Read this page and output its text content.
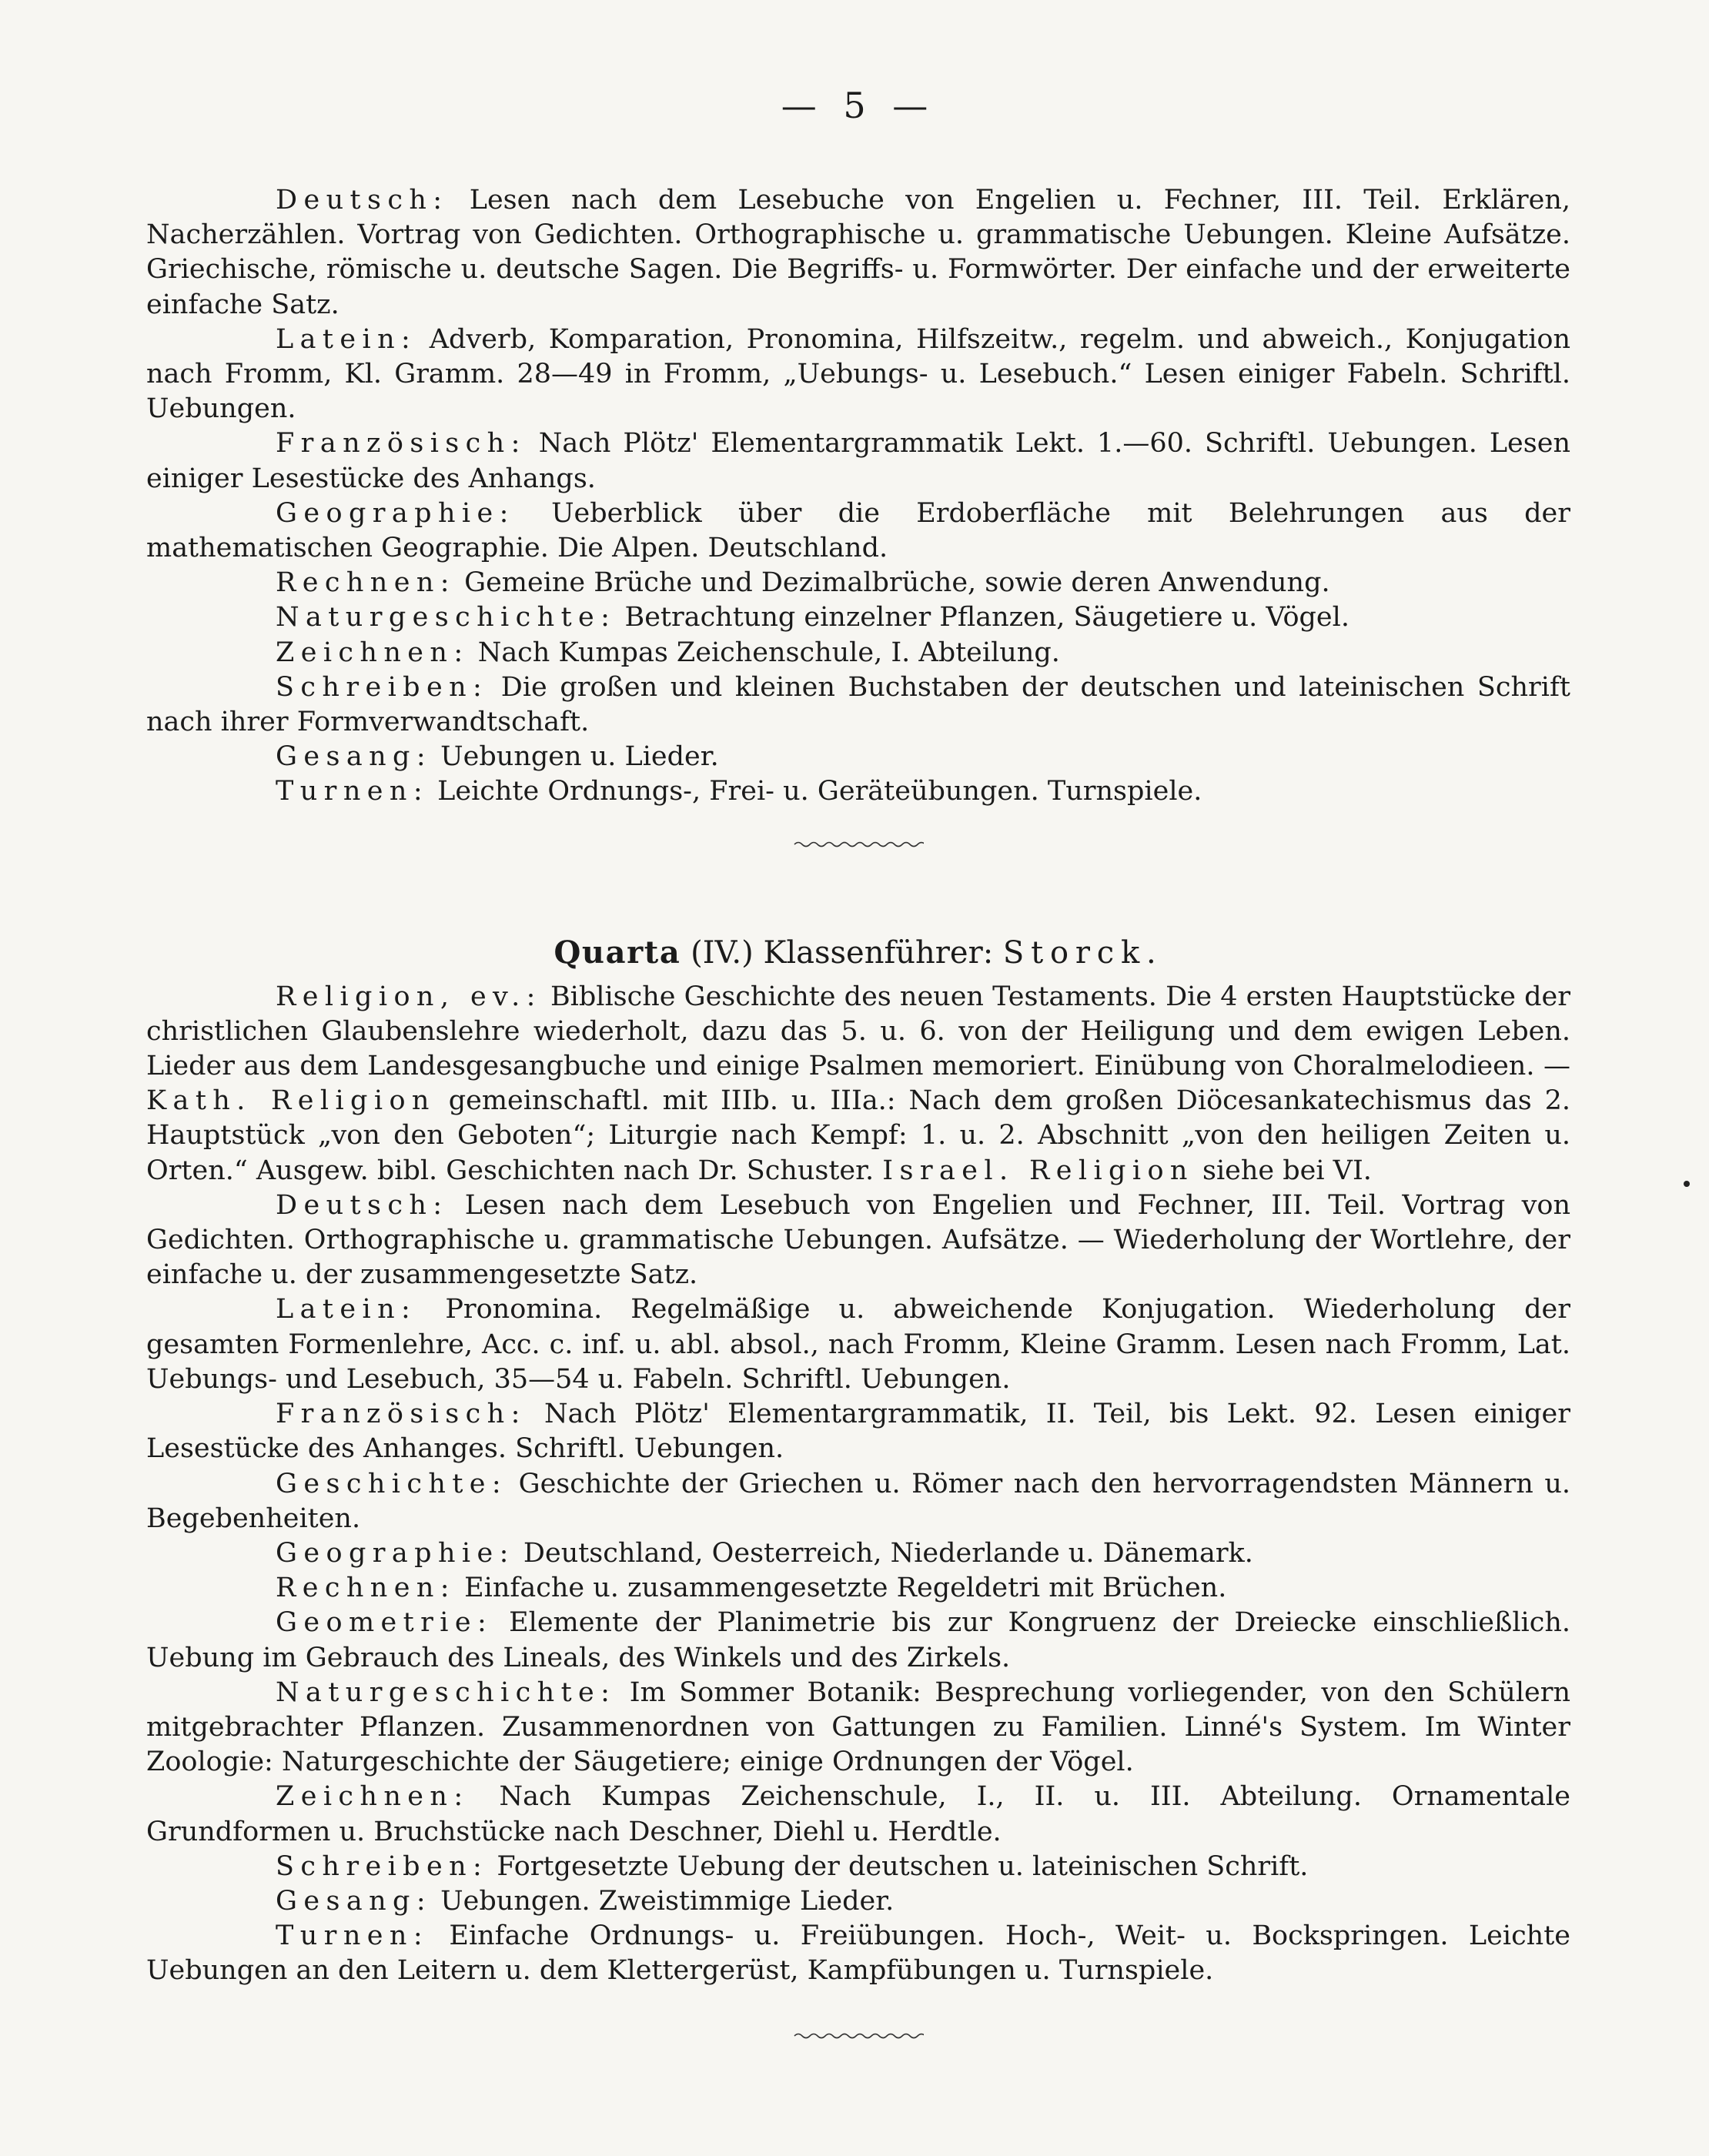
— 5 —

Deutsch: Lesen nach dem Lesebuche von Engelien u. Fechner, III. Teil. Erklären, Nacherzählen. Vortrag von Gedichten. Orthographische u. grammatische Uebungen. Kleine Aufsätze. Griechische, römische u. deutsche Sagen. Die Begriffs- u. Formwörter. Der einfache und der erweiterte einfache Satz.

Latein: Adverb, Komparation, Pronomina, Hilfszeitw., regelm. und abweich., Konjugation nach Fromm, Kl. Gramm. 28—49 in Fromm, „Uebungs- u. Lesebuch.“ Lesen einiger Fabeln. Schriftl. Uebungen.

Französisch: Nach Plötz' Elementargrammatik Lekt. 1.—60. Schriftl. Uebungen. Lesen einiger Lesestücke des Anhangs.

Geographie: Ueberblick über die Erdoberfläche mit Belehrungen aus der mathematischen Geographie. Die Alpen. Deutschland.

Rechnen: Gemeine Brüche und Dezimalbrüche, sowie deren Anwendung.

Naturgeschichte: Betrachtung einzelner Pflanzen, Säugetiere u. Vögel.

Zeichnen: Nach Kumpas Zeichenschule, I. Abteilung.

Schreiben: Die großen und kleinen Buchstaben der deutschen und lateinischen Schrift nach ihrer Formverwandtschaft.

Gesang: Uebungen u. Lieder.

Turnen: Leichte Ordnungs-, Frei- u. Geräteübungen. Turnspiele.

Quarta (IV.) Klassenführer: Storck.

Religion, ev.: Biblische Geschichte des neuen Testaments. Die 4 ersten Hauptstücke der christlichen Glaubenslehre wiederholt, dazu das 5. u. 6. von der Heiligung und dem ewigen Leben. Lieder aus dem Landesgesangbuche und einige Psalmen memoriert. Einübung von Choralmelodieen. — Kath. Religion gemeinschaftl. mit IIIb. u. IIIa.: Nach dem großen Diöcesankatechismus das 2. Hauptstück „von den Geboten“; Liturgie nach Kempf: 1. u. 2. Abschnitt „von den heiligen Zeiten u. Orten.“ Ausgew. bibl. Geschichten nach Dr. Schuster. Israel. Religion siehe bei VI.

Deutsch: Lesen nach dem Lesebuch von Engelien und Fechner, III. Teil. Vortrag von Gedichten. Orthographische u. grammatische Uebungen. Aufsätze. — Wiederholung der Wortlehre, der einfache u. der zusammengesetzte Satz.

Latein: Pronomina. Regelmäßige u. abweichende Konjugation. Wiederholung der gesamten Formenlehre, Acc. c. inf. u. abl. absol., nach Fromm, Kleine Gramm. Lesen nach Fromm, Lat. Uebungs- und Lesebuch, 35—54 u. Fabeln. Schriftl. Uebungen.

Französisch: Nach Plötz' Elementargrammatik, II. Teil, bis Lekt. 92. Lesen einiger Lesestücke des Anhanges. Schriftl. Uebungen.

Geschichte: Geschichte der Griechen u. Römer nach den hervorragendsten Männern u. Begebenheiten.

Geographie: Deutschland, Oesterreich, Niederlande u. Dänemark.

Rechnen: Einfache u. zusammengesetzte Regeldetri mit Brüchen.

Geometrie: Elemente der Planimetrie bis zur Kongruenz der Dreiecke einschließlich. Uebung im Gebrauch des Lineals, des Winkels und des Zirkels.

Naturgeschichte: Im Sommer Botanik: Besprechung vorliegender, von den Schülern mitgebrachter Pflanzen. Zusammenordnen von Gattungen zu Familien. Linné's System. Im Winter Zoologie: Naturgeschichte der Säugetiere; einige Ordnungen der Vögel.

Zeichnen: Nach Kumpas Zeichenschule, I., II. u. III. Abteilung. Ornamentale Grundformen u. Bruchstücke nach Deschner, Diehl u. Herdtle.

Schreiben: Fortgesetzte Uebung der deutschen u. lateinischen Schrift.

Gesang: Uebungen. Zweistimmige Lieder.

Turnen: Einfache Ordnungs- u. Freiübungen. Hoch-, Weit- u. Bockspringen. Leichte Uebungen an den Leitern u. dem Klettergerüst, Kampfübungen u. Turnspiele.
